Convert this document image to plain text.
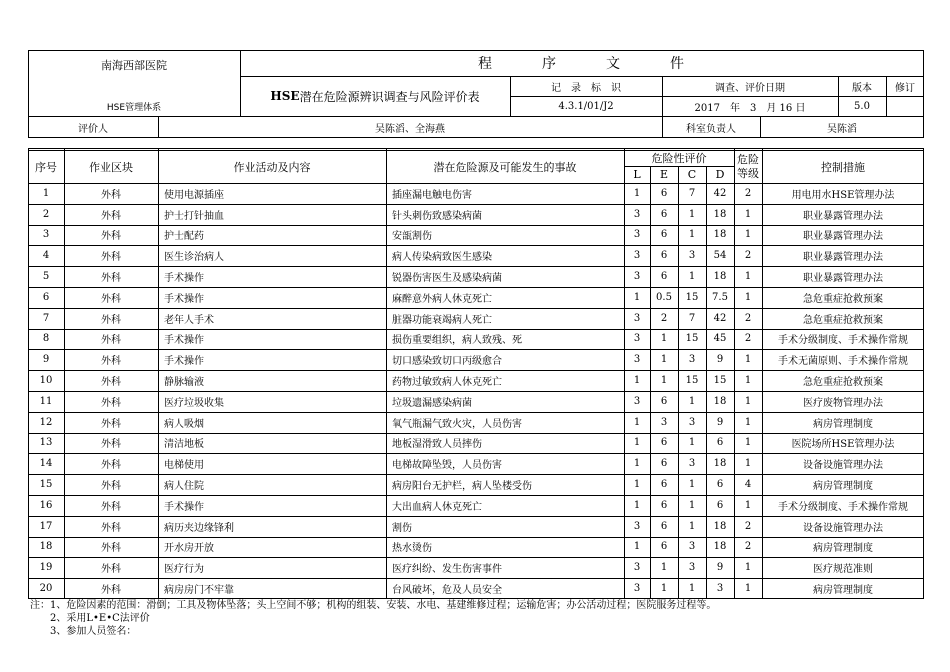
南海西部医院
HSE管理体系
程　　　序　　　文　　　件
HSE 潜在危险源辨识调查与风险评价表
记　录　标　识
4.3.1/01/J2
调查、评价日期
2017　年　3　月 16 日
版本
5.0
修订
评价人	吴陈滔、全海燕	科室负责人	吴陈滔
序号	作业区块	作业活动及内容	潜在危险源及可能发生的事故
危险性评价
L	E	C	D
危险等级	控制措施
1	外科	使用电源插座	插座漏电触电伤害	1	6	7	42	2	用电用水HSE管理办法
2	外科	护士打针抽血	针头刺伤致感染病菌	3	6	1	18	1	职业暴露管理办法
3	外科	护士配药	安瓿割伤	3	6	1	18	1	职业暴露管理办法
4	外科	医生诊治病人	病人传染病致医生感染	3	6	3	54	2	职业暴露管理办法
5	外科	手术操作	锐器伤害医生及感染病菌	3	6	1	18	1	职业暴露管理办法
6	外科	手术操作	麻醉意外病人休克死亡	1	0.5	15	7.5	1	急危重症抢救预案
7	外科	老年人手术	脏器功能衰竭病人死亡	3	2	7	42	2	急危重症抢救预案
8	外科	手术操作	损伤重要组织，病人致残、死	3	1	15	45	2	手术分级制度、手术操作常规
9	外科	手术操作	切口感染致切口丙级愈合	3	1	3	9	1	手术无菌原则、手术操作常规
10	外科	静脉输液	药物过敏致病人休克死亡	1	1	15	15	1	急危重症抢救预案
11	外科	医疗垃圾收集	垃圾遗漏感染病菌	3	6	1	18	1	医疗废物管理办法
12	外科	病人吸烟	氧气瓶漏气致火灾，人员伤害	1	3	3	9	1	病房管理制度
13	外科	清洁地板	地板湿滑致人员摔伤	1	6	1	6	1	医院场所HSE管理办法
14	外科	电梯使用	电梯故障坠毁，人员伤害	1	6	3	18	1	设备设施管理办法
15	外科	病人住院	病房阳台无护栏，病人坠楼受伤	1	6	1	6	4	病房管理制度
16	外科	手术操作	大出血病人休克死亡	1	6	1	6	1	手术分级制度、手术操作常规
17	外科	病历夹边缘锋利	割伤	3	6	1	18	2	设备设施管理办法
18	外科	开水房开放	热水烫伤	1	6	3	18	2	病房管理制度
19	外科	医疗行为	医疗纠纷、发生伤害事件	3	1	3	9	1	医疗规范准则
20	外科	病房房门不牢靠	台风破坏，危及人员安全	3	1	1	3	1	病房管理制度
注：1、危险因素的范围：滑倒；工具及物体坠落；头上空间不够；机构的组装、安装、水电、基建维修过程；运输危害；办公活动过程；医院服务过程等。
　　2、采用L•E•C法评价
　　3、参加人员签名：
